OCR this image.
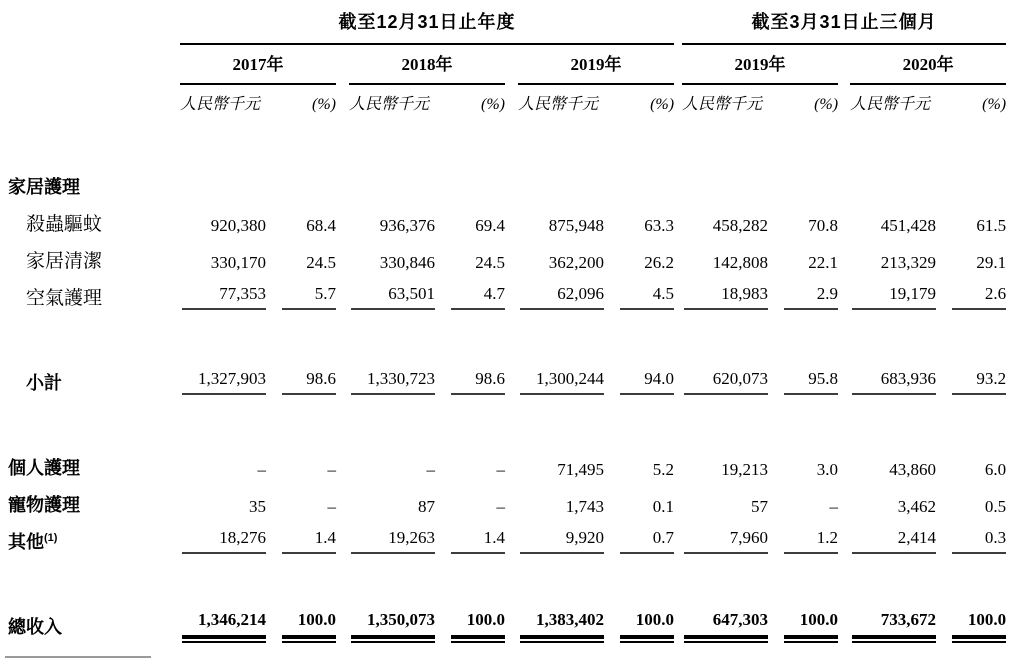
	截至12月31日止年度									截至3月31日止三個月				
	2017年			2018年			2019年			2019年			2020年	

	人民幣千元 (%)			人民幣千元 (%)			人民幣千元 (%)			人民幣千元 (%)			人民幣千元 (%)	

家居護理														
殺蟲驅蚊	920,380	68.4		936,376	69.4		875,948	63.3		458,282	70.8		451,428	61.5
家居清潔	330,170	24.5		330,846	24.5		362,200	26.2		142,808	22.1		213,329	29.1
空氣護理	77,353	5.7		63,501	4.7		62,096	4.5		18,983	2.9		19,179	2.6

小計	1,327,903	98.6		1,330,723	98.6		1,300,244	94.0		620,073	95.8		683,936	93.2

個人護理	–	–		–	–		71,495	5.2		19,213	3.0		43,860	6.0
寵物護理	35	–		87	–		1,743	0.1		57	–		3,462	0.5
其他$^{(1)}$	18,276	1.4		19,263	1.4		9,920	0.7		7,960	1.2		2,414	0.3

總收入	1,346,214	100.0		1,350,073	100.0		1,383,402	100.0		647,303	100.0		733,672	100.0
